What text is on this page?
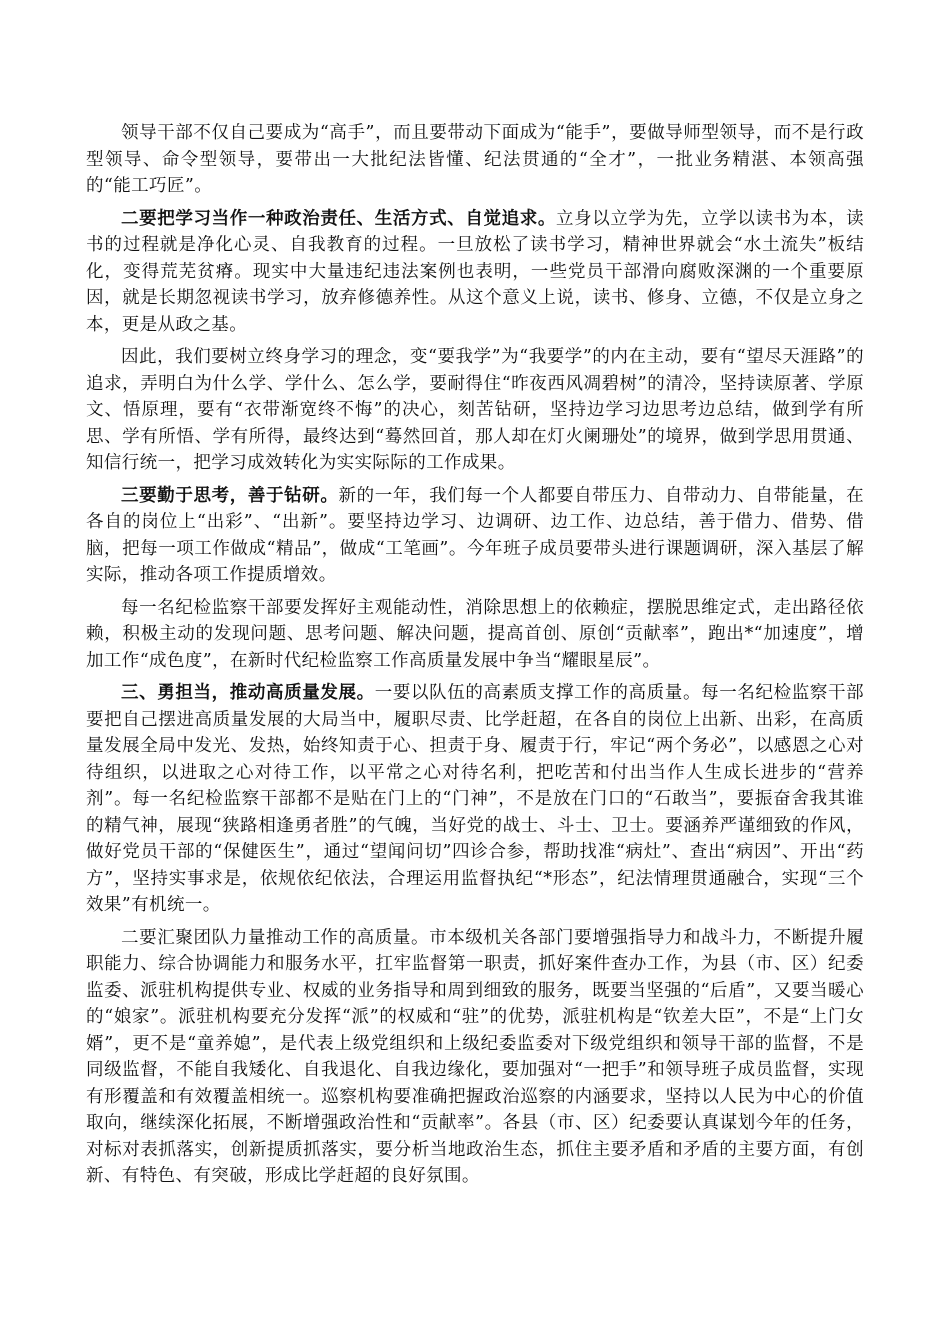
领导干部不仅自己要成为“高手”，而且要带动下面成为“能手”，要做导师型领导，而不是行政型领导、命令型领导，要带出一大批纪法皆懂、纪法贯通的“全才”，一批业务精湛、本领高强的“能工巧匠”。

二要把学习当作一种政治责任、生活方式、自觉追求。立身以立学为先，立学以读书为本，读书的过程就是净化心灵、自我教育的过程。一旦放松了读书学习，精神世界就会“水土流失”板结化，变得荒芜贫瘠。现实中大量违纪违法案例也表明，一些党员干部滑向腐败深渊的一个重要原因，就是长期忽视读书学习，放弃修德养性。从这个意义上说，读书、修身、立德，不仅是立身之本，更是从政之基。

因此，我们要树立终身学习的理念，变“要我学”为“我要学”的内在主动，要有“望尽天涯路”的追求，弄明白为什么学、学什么、怎么学，要耐得住“昨夜西风凋碧树”的清冷，坚持读原著、学原文、悟原理，要有“衣带渐宽终不悔”的决心，刻苦钻研，坚持边学习边思考边总结，做到学有所思、学有所悟、学有所得，最终达到“蓦然回首，那人却在灯火阑珊处”的境界，做到学思用贯通、知信行统一，把学习成效转化为实实际际的工作成果。

三要勤于思考，善于钻研。新的一年，我们每一个人都要自带压力、自带动力、自带能量，在各自的岗位上“出彩”、“出新”。要坚持边学习、边调研、边工作、边总结，善于借力、借势、借脑，把每一项工作做成“精品”，做成“工笔画”。今年班子成员要带头进行课题调研，深入基层了解实际，推动各项工作提质增效。

每一名纪检监察干部要发挥好主观能动性，消除思想上的依赖症，摆脱思维定式，走出路径依赖，积极主动的发现问题、思考问题、解决问题，提高首创、原创“贡献率”，跑出*“加速度”，增加工作“成色度”，在新时代纪检监察工作高质量发展中争当“耀眼星辰”。

三、勇担当，推动高质量发展。一要以队伍的高素质支撑工作的高质量。每一名纪检监察干部要把自己摆进高质量发展的大局当中，履职尽责、比学赶超，在各自的岗位上出新、出彩，在高质量发展全局中发光、发热，始终知责于心、担责于身、履责于行，牢记“两个务必”，以感恩之心对待组织，以进取之心对待工作，以平常之心对待名利，把吃苦和付出当作人生成长进步的“营养剂”。每一名纪检监察干部都不是贴在门上的“门神”，不是放在门口的“石敢当”，要振奋舍我其谁的精气神，展现“狭路相逢勇者胜”的气魄，当好党的战士、斗士、卫士。要涵养严谨细致的作风，做好党员干部的“保健医生”，通过“望闻问切”四诊合参，帮助找准“病灶”、查出“病因”、开出“药方”，坚持实事求是，依规依纪依法，合理运用监督执纪“*形态”，纪法情理贯通融合，实现“三个效果”有机统一。

二要汇聚团队力量推动工作的高质量。市本级机关各部门要增强指导力和战斗力，不断提升履职能力、综合协调能力和服务水平，扛牢监督第一职责，抓好案件查办工作，为县（市、区）纪委监委、派驻机构提供专业、权威的业务指导和周到细致的服务，既要当坚强的“后盾”，又要当暖心的“娘家”。派驻机构要充分发挥“派”的权威和“驻”的优势，派驻机构是“钦差大臣”，不是“上门女婿”，更不是“童养媳”，是代表上级党组织和上级纪委监委对下级党组织和领导干部的监督，不是同级监督，不能自我矮化、自我退化、自我边缘化，要加强对“一把手”和领导班子成员监督，实现有形覆盖和有效覆盖相统一。巡察机构要准确把握政治巡察的内涵要求，坚持以人民为中心的价值取向，继续深化拓展，不断增强政治性和“贡献率”。各县（市、区）纪委要认真谋划今年的任务，对标对表抓落实，创新提质抓落实，要分析当地政治生态，抓住主要矛盾和矛盾的主要方面，有创新、有特色、有突破，形成比学赶超的良好氛围。
